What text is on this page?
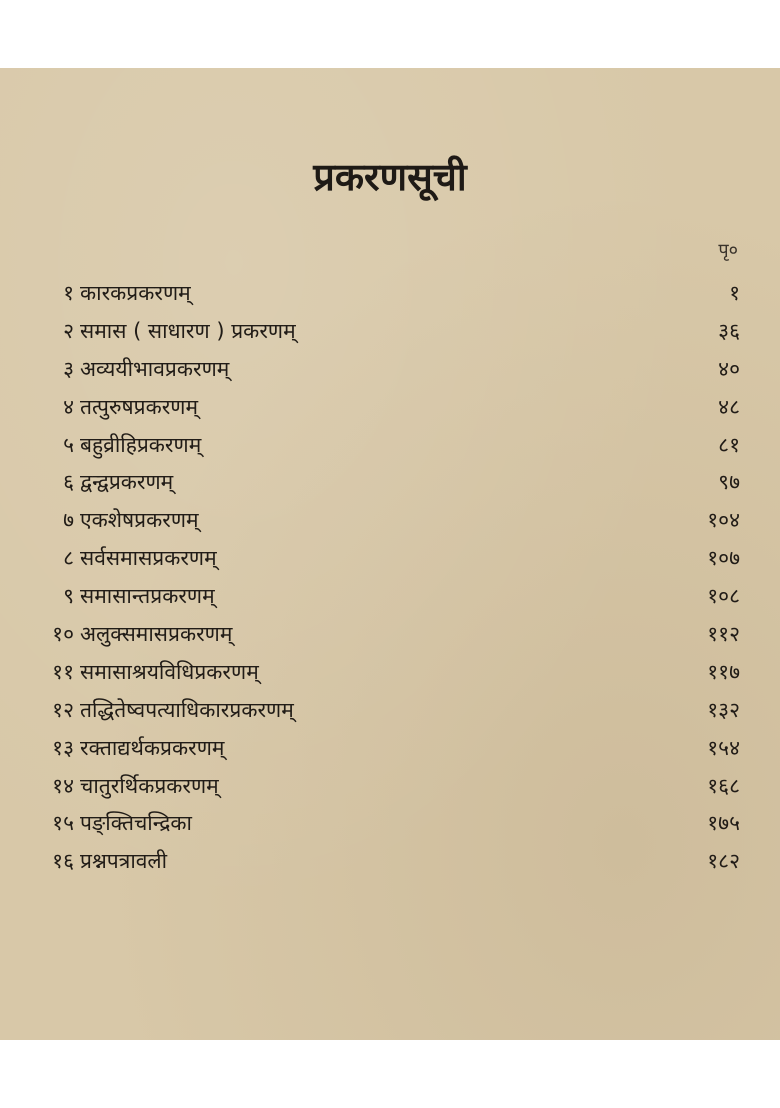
प्रकरणसूची
पृ०
१ कारकप्रकरणम्	१
२ समास ( साधारण ) प्रकरणम्	३६
३ अव्ययीभावप्रकरणम्	४०
४ तत्पुरुषप्रकरणम्	४८
५ बहुव्रीहिप्रकरणम्	८१
६ द्वन्द्वप्रकरणम्	९७
७ एकशेषप्रकरणम्	१०४
८ सर्वसमासप्रकरणम्	१०७
९ समासान्तप्रकरणम्	१०८
१० अलुक्समासप्रकरणम्	११२
११ समासाश्रयविधिप्रकरणम्	११७
१२ तद्धितेष्वपत्याधिकारप्रकरणम्	१३२
१३ रक्ताद्यर्थकप्रकरणम्	१५४
१४ चातुरर्थिकप्रकरणम्	१६८
१५ पङ्क्तिचन्द्रिका	१७५
१६ प्रश्नपत्रावली	१८२
